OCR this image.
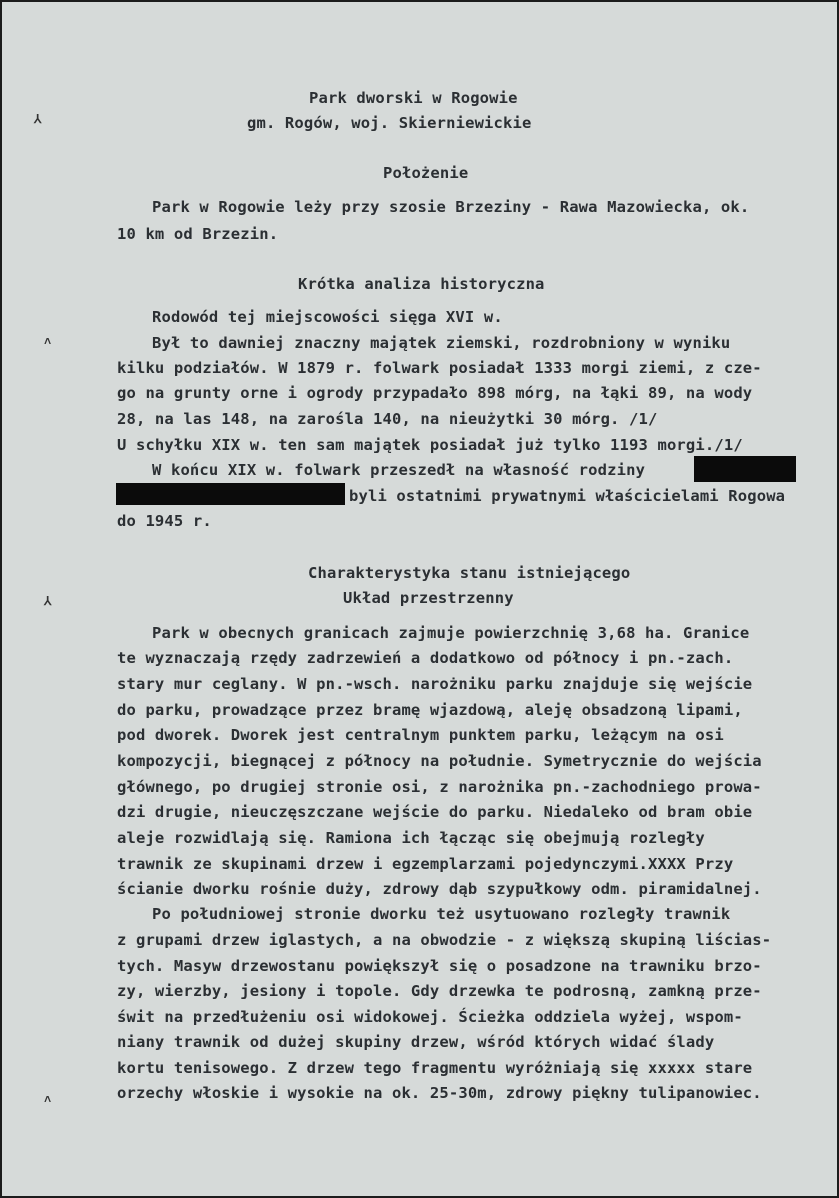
⅄
˄
⅄
˄
Park dworski w Rogowie
gm. Rogów, woj. Skierniewickie
Położenie
Park w Rogowie leży przy szosie Brzeziny - Rawa Mazowiecka, ok.
10 km od Brzezin.
Krótka analiza historyczna
Rodowód tej miejscowości sięga XVI w.
Był to dawniej znaczny majątek ziemski, rozdrobniony w wyniku
kilku podziałów. W 1879 r. folwark posiadał 1333 morgi ziemi, z cze-
go na grunty orne i ogrody przypadało 898 mórg, na łąki 89, na wody
28, na las 148, na zarośla 140, na nieużytki 30 mórg. /1/
U schyłku XIX w. ten sam majątek posiadał już tylko 1193 morgi./1/
W końcu XIX w. folwark przeszedł na własność rodziny
byli ostatnimi prywatnymi właścicielami Rogowa
do 1945 r.
Charakterystyka stanu istniejącego
Układ przestrzenny
Park w obecnych granicach zajmuje powierzchnię 3,68 ha. Granice
te wyznaczają rzędy zadrzewień a dodatkowo od północy i pn.-zach.
stary mur ceglany. W pn.-wsch. narożniku parku znajduje się wejście
do parku, prowadzące przez bramę wjazdową, aleję obsadzoną lipami,
pod dworek. Dworek jest centralnym punktem parku, leżącym na osi
kompozycji, biegnącej z północy na południe. Symetrycznie do wejścia
głównego, po drugiej stronie osi, z narożnika pn.-zachodniego prowa-
dzi drugie, nieuczęszczane wejście do parku. Niedaleko od bram obie
aleje rozwidlają się. Ramiona ich łącząc się obejmują rozległy
trawnik ze skupinami drzew i egzemplarzami pojedynczymi.XXXX Przy
ścianie dworku rośnie duży, zdrowy dąb szypułkowy odm. piramidalnej.
Po południowej stronie dworku też usytuowano rozległy trawnik
z grupami drzew iglastych, a na obwodzie - z większą skupiną liścias-
tych. Masyw drzewostanu powiększył się o posadzone na trawniku brzo-
zy, wierzby, jesiony i topole. Gdy drzewka te podrosną, zamkną prze-
świt na przedłużeniu osi widokowej. Ścieżka oddziela wyżej, wspom-
niany trawnik od dużej skupiny drzew, wśród których widać ślady
kortu tenisowego. Z drzew tego fragmentu wyróżniają się xxxxx stare
orzechy włoskie i wysokie na ok. 25-30m, zdrowy piękny tulipanowiec.
